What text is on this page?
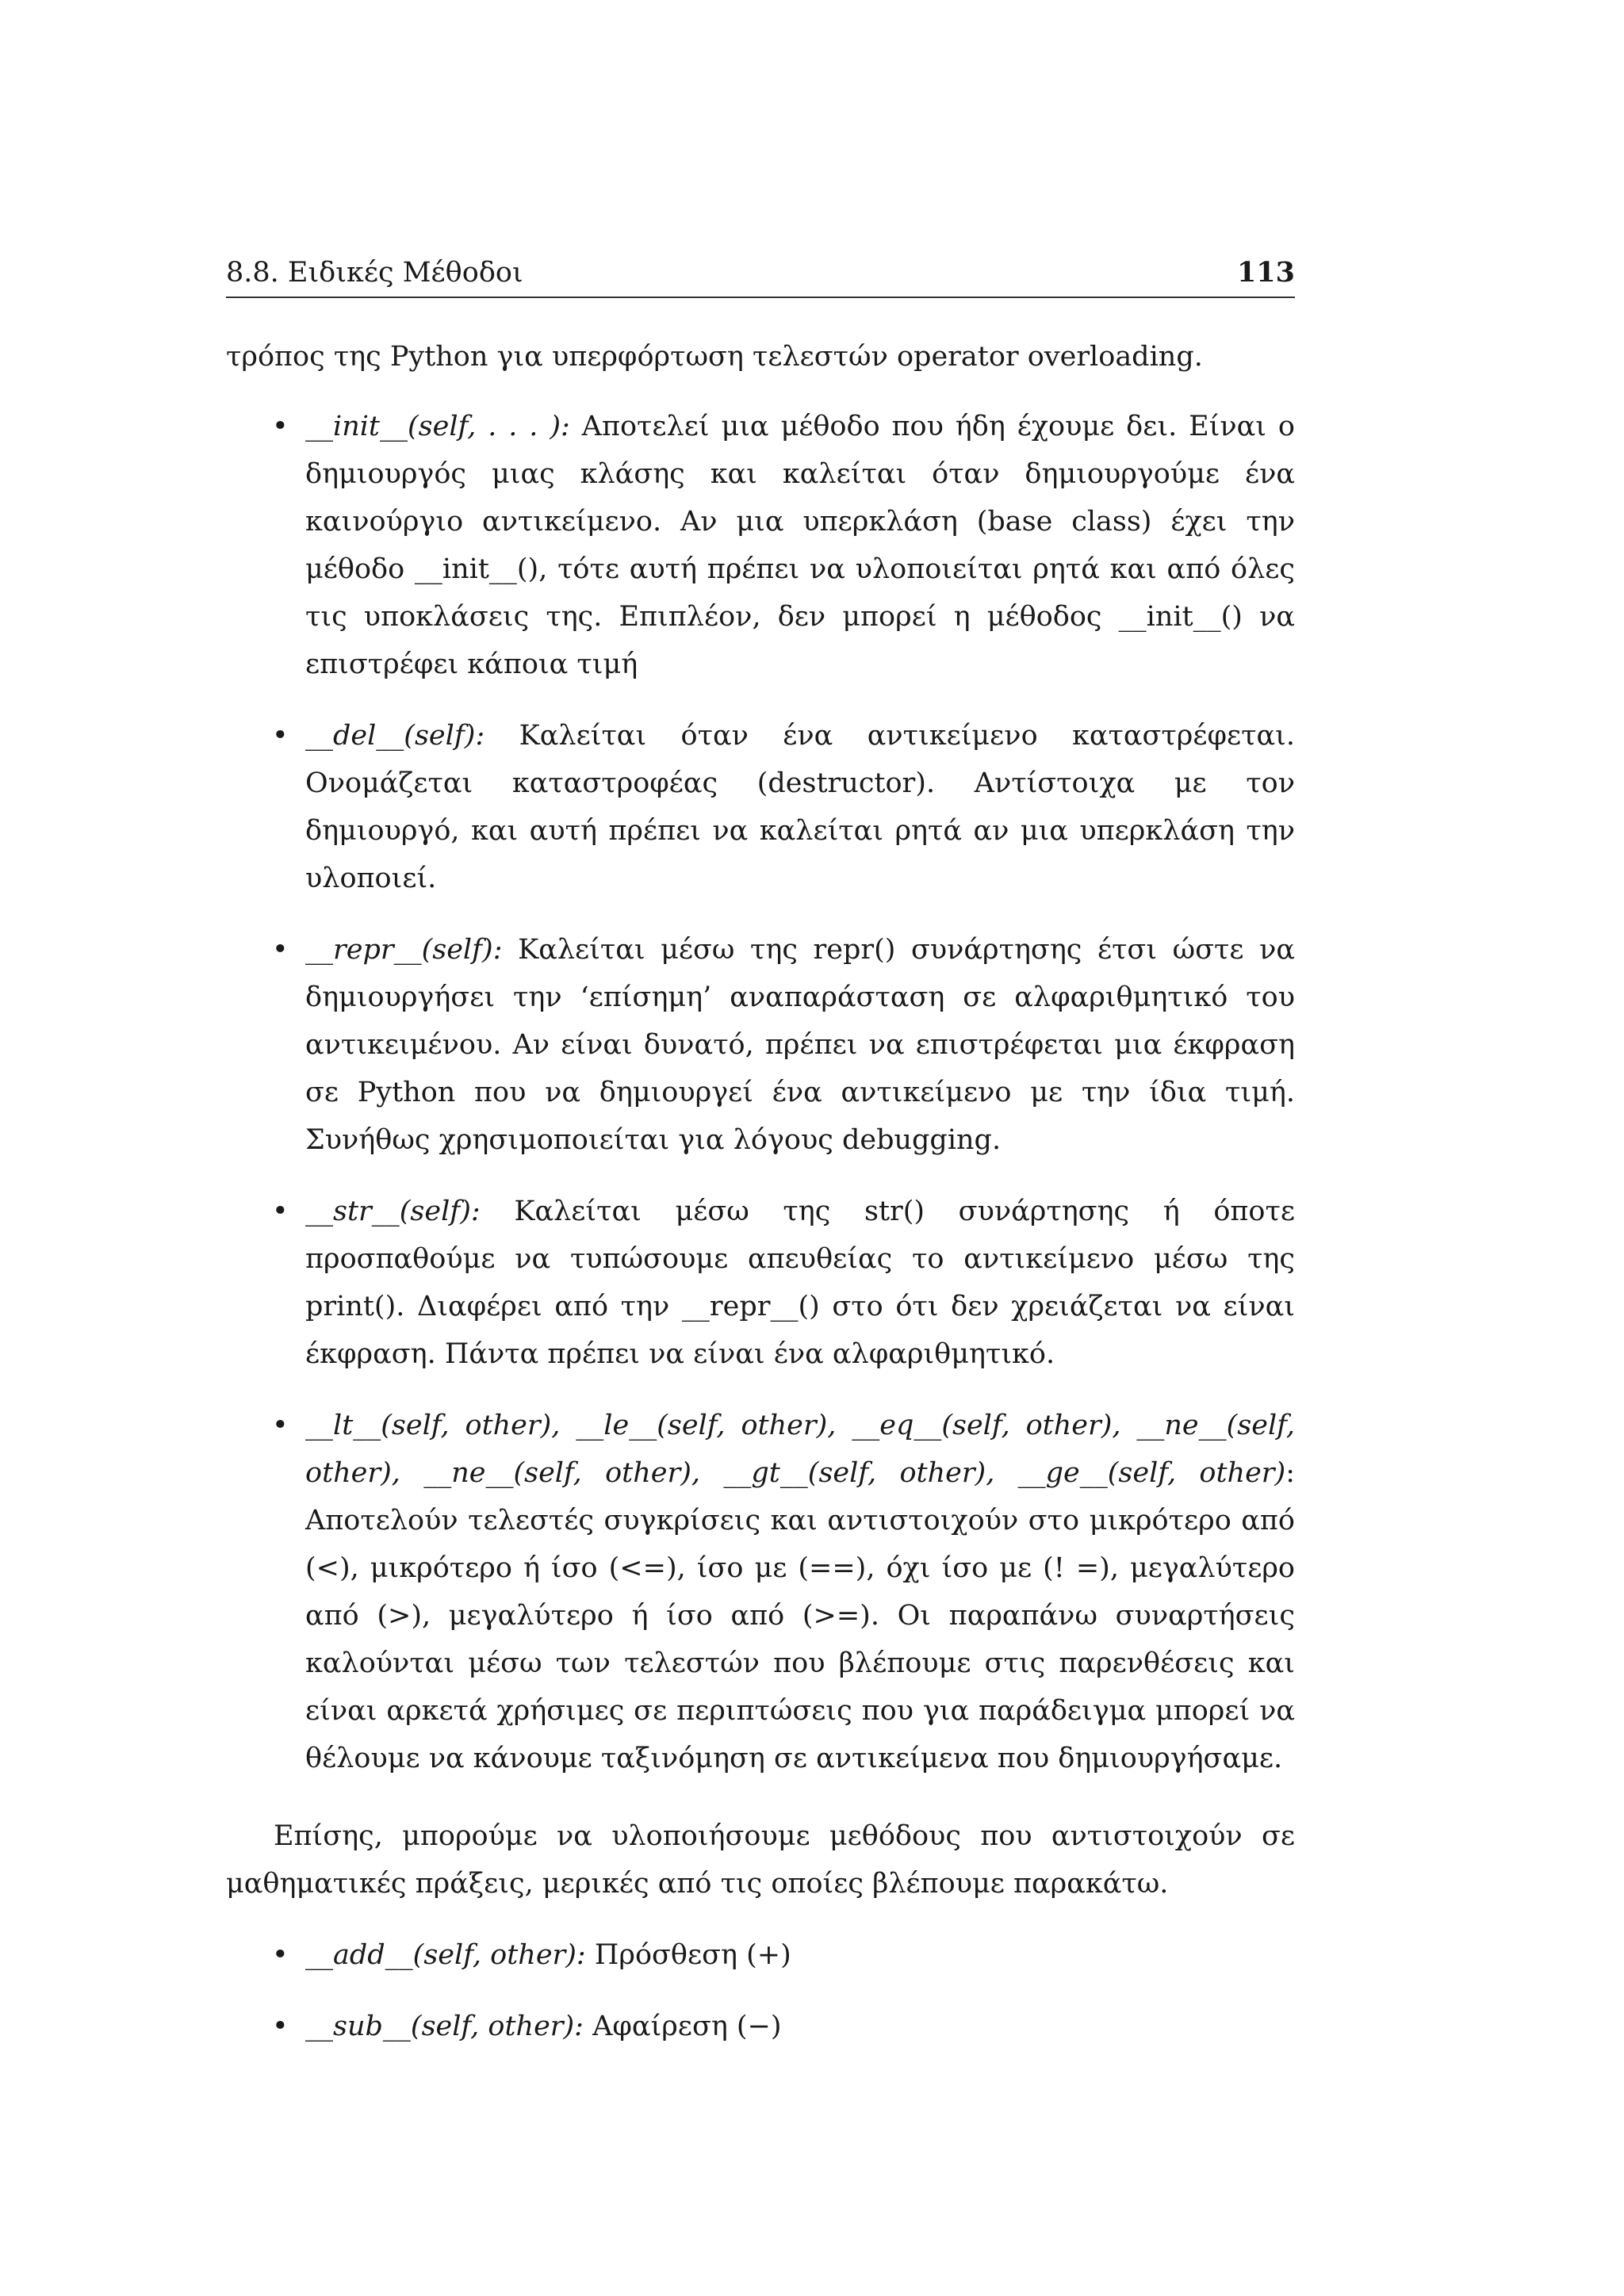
8.8. Ειδικές Μέθοδοι	113

τρόπος της Python για υπερφόρτωση τελεστών operator overloading.

• __init__(self, . . . ): Αποτελεί μια μέθοδο που ήδη έχουμε δει. Είναι ο δημιουργός μιας κλάσης και καλείται όταν δημιουργούμε ένα καινούργιο αντικείμενο. Αν μια υπερκλάση (base class) έχει την μέθοδο __init__(), τότε αυτή πρέπει να υλοποιείται ρητά και από όλες τις υποκλάσεις της. Επιπλέον, δεν μπορεί η μέθοδος __init__() να επιστρέφει κάποια τιμή
• __del__(self): Καλείται όταν ένα αντικείμενο καταστρέφεται. Ονομάζεται καταστροφέας (destructor). Αντίστοιχα με τον δημιουργό, και αυτή πρέπει να καλείται ρητά αν μια υπερκλάση την υλοποιεί.
• __repr__(self): Καλείται μέσω της repr() συνάρτησης έτσι ώστε να δημιουργήσει την ‘επίσημη’ αναπαράσταση σε αλφαριθμητικό του αντικειμένου. Αν είναι δυνατό, πρέπει να επιστρέφεται μια έκφραση σε Python που να δημιουργεί ένα αντικείμενο με την ίδια τιμή. Συνήθως χρησιμοποιείται για λόγους debugging.
• __str__(self): Καλείται μέσω της str() συνάρτησης ή όποτε προσπαθούμε να τυπώσουμε απευθείας το αντικείμενο μέσω της print(). Διαφέρει από την __repr__() στο ότι δεν χρειάζεται να είναι έκφραση. Πάντα πρέπει να είναι ένα αλφαριθμητικό.
• __lt__(self, other), __le__(self, other), __eq__(self, other), __ne__(self, other), __ne__(self, other), __gt__(self, other), __ge__(self, other): Αποτελούν τελεστές συγκρίσεις και αντιστοιχούν στο μικρότερο από (<), μικρότερο ή ίσο (<=), ίσο με (==), όχι ίσο με (! =), μεγαλύτερο από (>), μεγαλύτερο ή ίσο από (>=). Οι παραπάνω συναρτήσεις καλούνται μέσω των τελεστών που βλέπουμε στις παρενθέσεις και είναι αρκετά χρήσιμες σε περιπτώσεις που για παράδειγμα μπορεί να θέλουμε να κάνουμε ταξινόμηση σε αντικείμενα που δημιουργήσαμε.

Επίσης, μπορούμε να υλοποιήσουμε μεθόδους που αντιστοιχούν σε μαθηματικές πράξεις, μερικές από τις οποίες βλέπουμε παρακάτω.

• __add__(self, other): Πρόσθεση (+)
• __sub__(self, other): Αφαίρεση (−)
